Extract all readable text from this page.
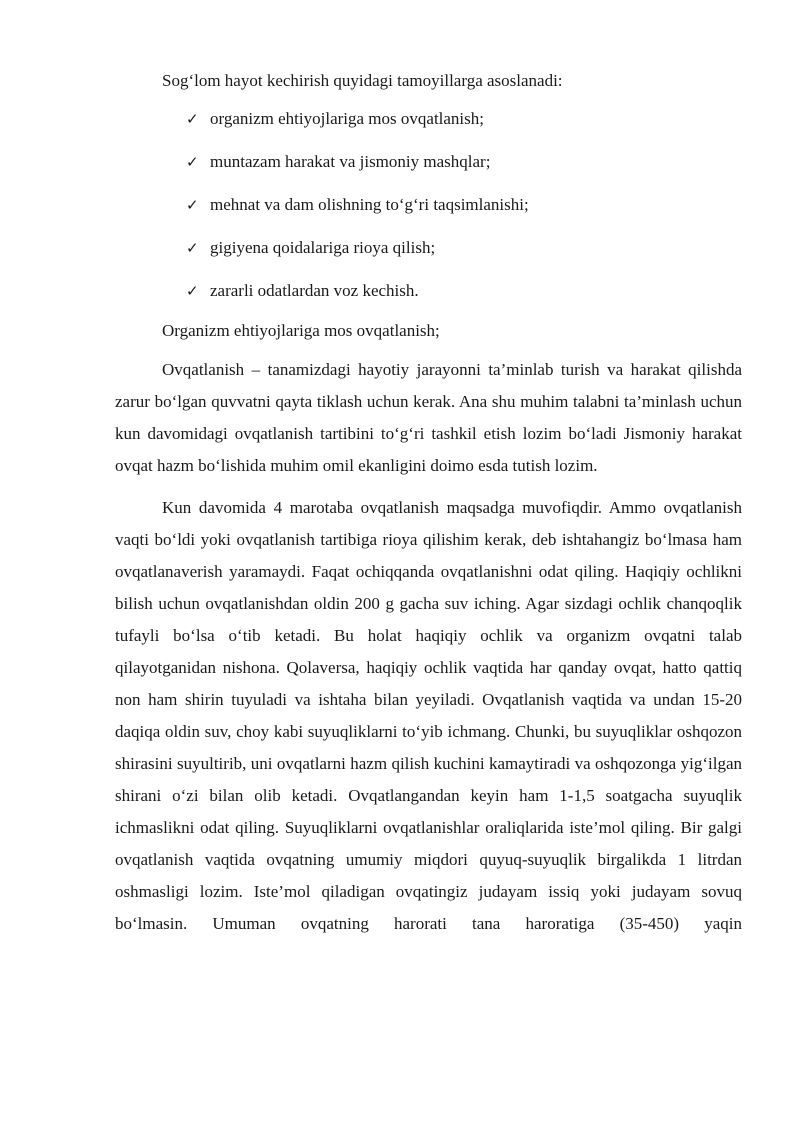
Sog‘lom hayot kechirish quyidagi tamoyillarga asoslanadi:

✓ organizm ehtiyojlariga mos ovqatlanish;
✓ muntazam harakat va jismoniy mashqlar;
✓ mehnat va dam olishning to‘g‘ri taqsimlanishi;
✓ gigiyena qoidalariga rioya qilish;
✓ zararli odatlardan voz kechish.

Organizm ehtiyojlariga mos ovqatlanish;

Ovqatlanish – tanamizdagi hayotiy jarayonni ta’minlab turish va harakat qilishda zarur bo‘lgan quvvatni qayta tiklash uchun kerak. Ana shu muhim talabni ta’minlash uchun kun davomidagi ovqatlanish tartibini to‘g‘ri tashkil etish lozim bo‘ladi Jismoniy harakat ovqat hazm bo‘lishida muhim omil ekanligini doimo esda tutish lozim.

Kun davomida 4 marotaba ovqatlanish maqsadga muvofiqdir. Ammo ovqatlanish vaqti bo‘ldi yoki ovqatlanish tartibiga rioya qilishim kerak, deb ishtahangiz bo‘lmasa ham ovqatlanaverish yaramaydi. Faqat ochiqqanda ovqatlanishni odat qiling. Haqiqiy ochlikni bilish uchun ovqatlanishdan oldin 200 g gacha suv iching. Agar sizdagi ochlik chanqoqlik tufayli bo‘lsa o‘tib ketadi. Bu holat haqiqiy ochlik va organizm ovqatni talab qilayotganidan nishona. Qolaversa, haqiqiy ochlik vaqtida har qanday ovqat, hatto qattiq non ham shirin tuyuladi va ishtaha bilan yeyiladi. Ovqatlanish vaqtida va undan 15-20 daqiqa oldin suv, choy kabi suyuqliklarni to‘yib ichmang. Chunki, bu suyuqliklar oshqozon shirasini suyultirib, uni ovqatlarni hazm qilish kuchini kamaytiradi va oshqozonga yig‘ilgan shirani o‘zi bilan olib ketadi. Ovqatlangandan keyin ham 1-1,5 soatgacha suyuqlik ichmaslikni odat qiling. Suyuqliklarni ovqatlanishlar oraliqlarida iste’mol qiling. Bir galgi ovqatlanish vaqtida ovqatning umumiy miqdori quyuq-suyuqlik birgalikda 1 litrdan oshmasligi lozim. Iste’mol qiladigan ovqatingiz judayam issiq yoki judayam sovuq bo‘lmasin. Umuman ovqatning harorati tana haroratiga (35-450) yaqin
